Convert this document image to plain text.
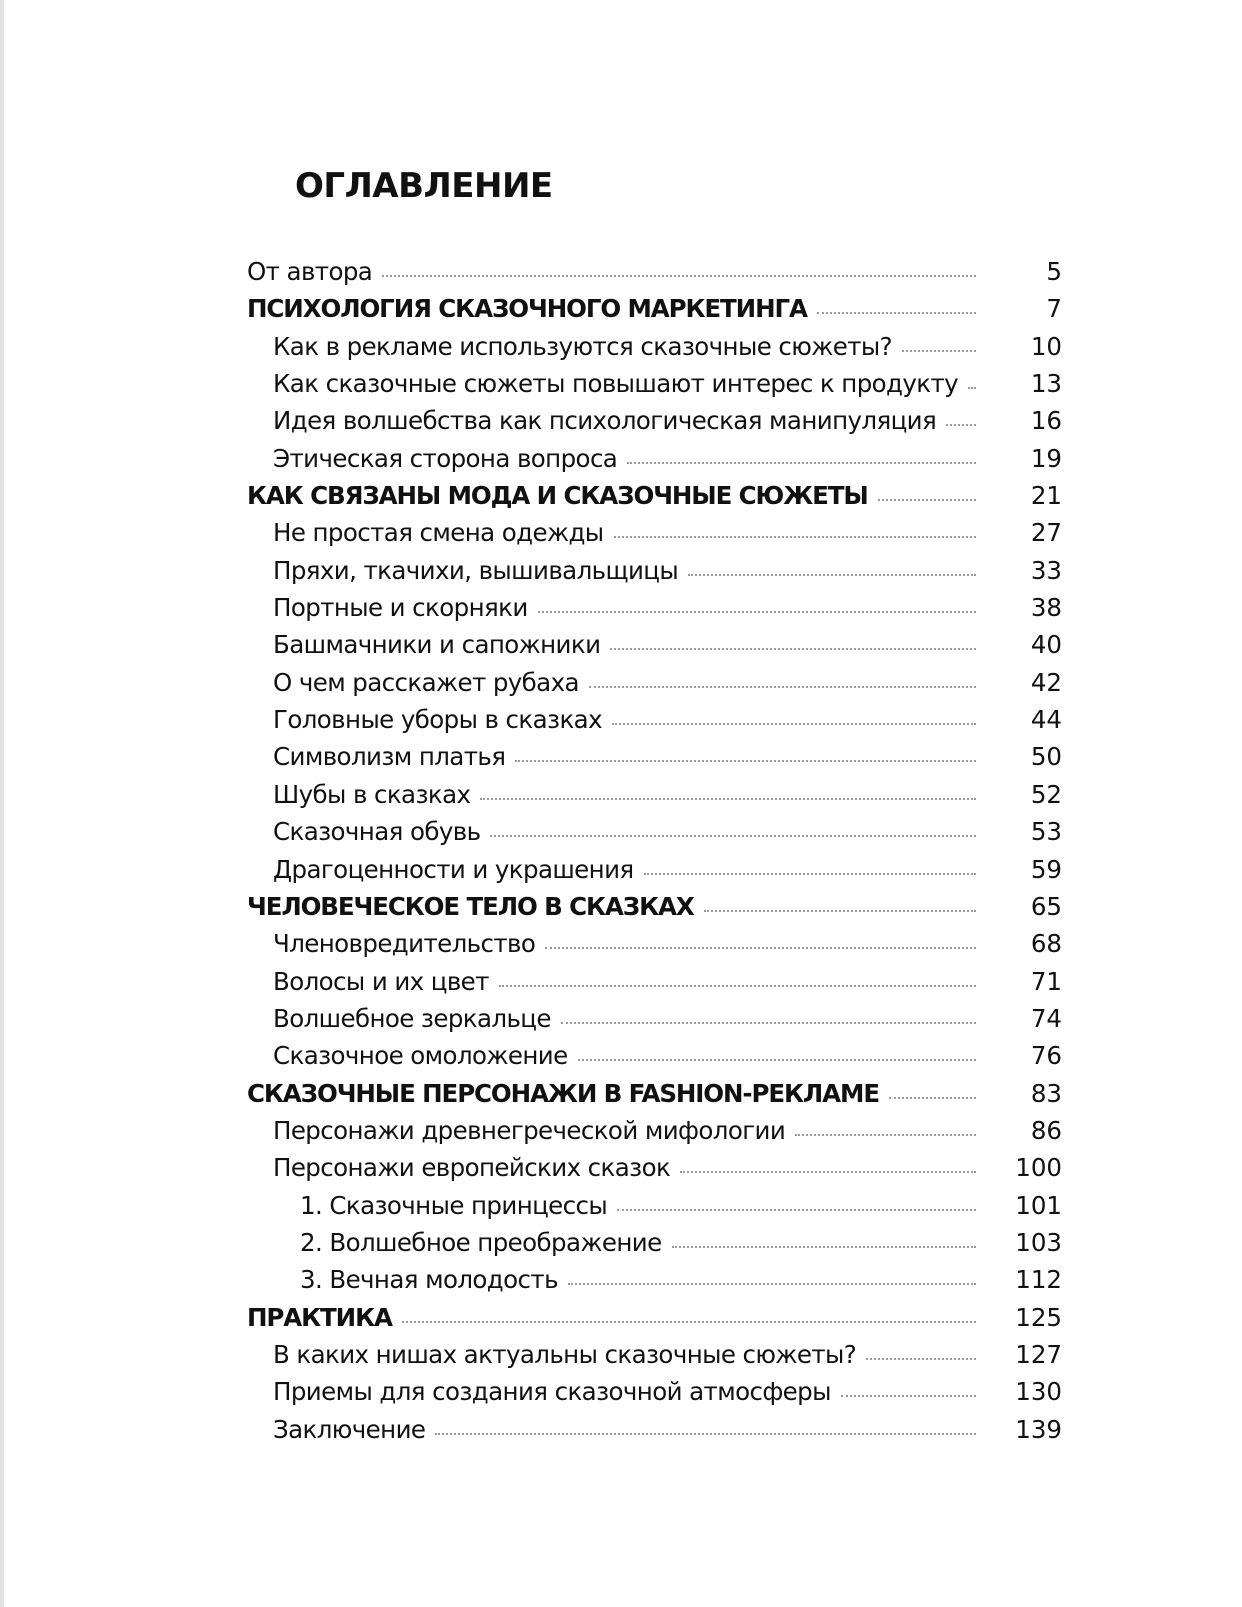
ОГЛАВЛЕНИЕ
От автора	5
ПСИХОЛОГИЯ СКАЗОЧНОГО МАРКЕТИНГА	7
Как в рекламе используются сказочные сюжеты?	10
Как сказочные сюжеты повышают интерес к продукту	13
Идея волшебства как психологическая манипуляция	16
Этическая сторона вопроса	19
КАК СВЯЗАНЫ МОДА И СКАЗОЧНЫЕ СЮЖЕТЫ	21
Не простая смена одежды	27
Пряхи, ткачихи, вышивальщицы	33
Портные и скорняки	38
Башмачники и сапожники	40
О чем расскажет рубаха	42
Головные уборы в сказках	44
Символизм платья	50
Шубы в сказках	52
Сказочная обувь	53
Драгоценности и украшения	59
ЧЕЛОВЕЧЕСКОЕ ТЕЛО В СКАЗКАХ	65
Членовредительство	68
Волосы и их цвет	71
Волшебное зеркальце	74
Сказочное омоложение	76
СКАЗОЧНЫЕ ПЕРСОНАЖИ В FASHION-РЕКЛАМЕ	83
Персонажи древнегреческой мифологии	86
Персонажи европейских сказок	100
1. Сказочные принцессы	101
2. Волшебное преображение	103
3. Вечная молодость	112
ПРАКТИКА	125
В каких нишах актуальны сказочные сюжеты?	127
Приемы для создания сказочной атмосферы	130
Заключение	139
